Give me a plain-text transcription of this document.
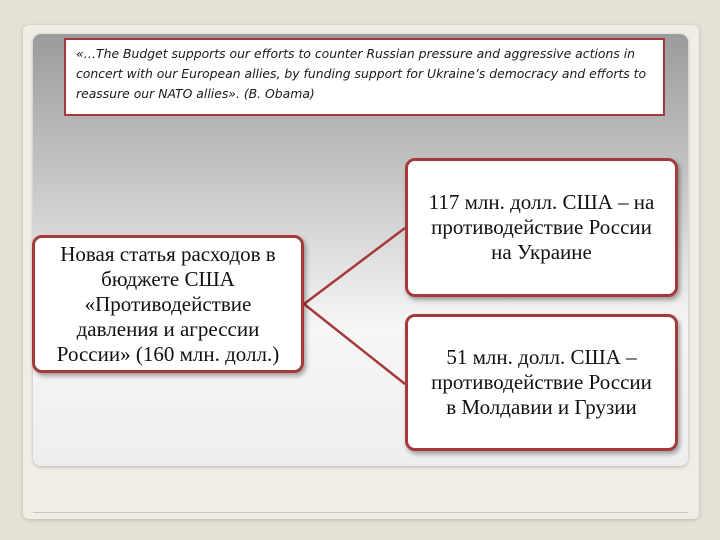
«…The Budget supports our efforts to counter Russian pressure and aggressive actions in concert with our European allies, by funding support for Ukraine’s democracy and efforts to reassure our NATO allies». (B. Obama)
Новая статья расходов в
бюджете США
«Противодействие
давления и агрессии
России» (160 млн. долл.)
117 млн. долл. США – на
противодействие России
на Украине
51 млн. долл. США –
противодействие России
в Молдавии и Грузии
